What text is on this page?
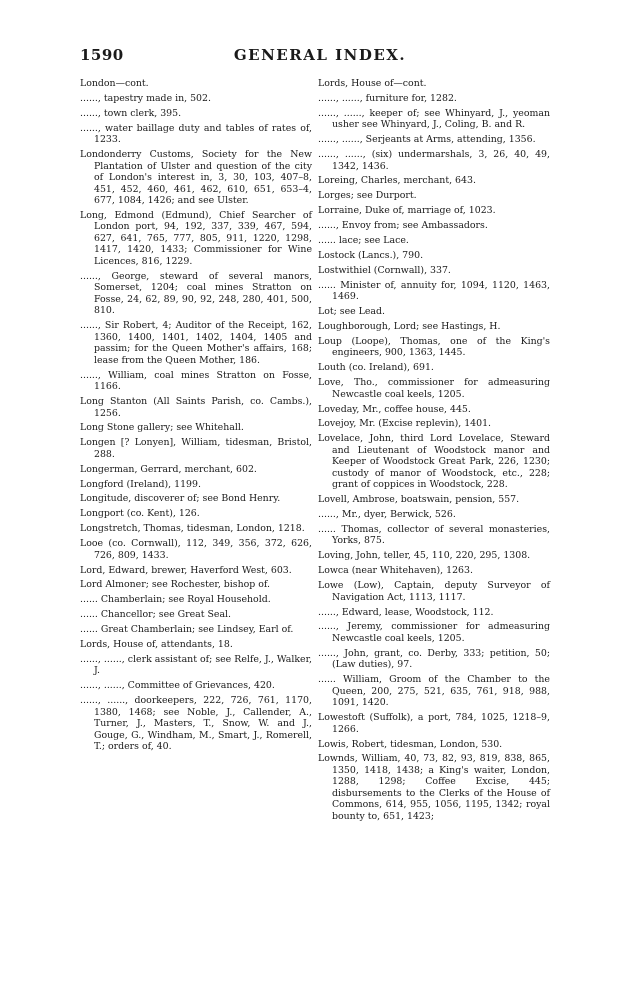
1590	GENERAL INDEX.
London—cont.
......, tapestry made in, 502.
......, town clerk, 395.
......, water baillage duty and tables of rates of, 1233.
Londonderry Customs, Society for the New Plantation of Ulster and question of the city of London's interest in, 3, 30, 103, 407–8, 451, 452, 460, 461, 462, 610, 651, 653–4, 677, 1084, 1426; and see Ulster.
Long, Edmond (Edmund), Chief Searcher of London port, 94, 192, 337, 339, 467, 594, 627, 641, 765, 777, 805, 911, 1220, 1298, 1417, 1420, 1433; Commissioner for Wine Licences, 816, 1229.
......, George, steward of several manors, Somerset, 1204; coal mines Stratton on Fosse, 24, 62, 89, 90, 92, 248, 280, 401, 500, 810.
......, Sir Robert, 4; Auditor of the Receipt, 162, 1360, 1400, 1401, 1402, 1404, 1405 and passim; for the Queen Mother's affairs, 168; lease from the Queen Mother, 186.
......, William, coal mines Stratton on Fosse, 1166.
Long Stanton (All Saints Parish, co. Cambs.), 1256.
Long Stone gallery; see Whitehall.
Longen [? Lonyen], William, tidesman, Bristol, 288.
Longerman, Gerrard, merchant, 602.
Longford (Ireland), 1199.
Longitude, discoverer of; see Bond Henry.
Longport (co. Kent), 126.
Longstretch, Thomas, tidesman, London, 1218.
Looe (co. Cornwall), 112, 349, 356, 372, 626, 726, 809, 1433.
Lord, Edward, brewer, Haverford West, 603.
Lord Almoner; see Rochester, bishop of.
...... Chamberlain; see Royal Household.
...... Chancellor; see Great Seal.
...... Great Chamberlain; see Lindsey, Earl of.
Lords, House of, attendants, 18.
......, ......, clerk assistant of; see Relfe, J., Walker, J.
......, ......, Committee of Grievances, 420.
......, ......, doorkeepers, 222, 726, 761, 1170, 1380, 1468; see Noble, J., Callender, A., Turner, J., Masters, T., Snow, W. and J., Gouge, G., Windham, M., Smart, J., Romerell, T.; orders of, 40.
Lords, House of—cont.
......, ......, furniture for, 1282.
......, ......, keeper of; see Whinyard, J., yeoman usher see Whinyard, J., Coling, B. and R.
......, ......, Serjeants at Arms, attending, 1356.
......, ......, (six) undermarshals, 3, 26, 40, 49, 1342, 1436.
Loreing, Charles, merchant, 643.
Lorges; see Durport.
Lorraine, Duke of, marriage of, 1023.
......, Envoy from; see Ambassadors.
...... lace; see Lace.
Lostock (Lancs.), 790.
Lostwithiel (Cornwall), 337.
...... Minister of, annuity for, 1094, 1120, 1463, 1469.
Lot; see Lead.
Loughborough, Lord; see Hastings, H.
Loup (Loope), Thomas, one of the King's engineers, 900, 1363, 1445.
Louth (co. Ireland), 691.
Love, Tho., commissioner for admeasuring Newcastle coal keels, 1205.
Loveday, Mr., coffee house, 445.
Lovejoy, Mr. (Excise replevin), 1401.
Lovelace, John, third Lord Lovelace, Steward and Lieutenant of Woodstock manor and Keeper of Woodstock Great Park, 226, 1230; custody of manor of Woodstock, etc., 228; grant of coppices in Woodstock, 228.
Lovell, Ambrose, boatswain, pension, 557.
......, Mr., dyer, Berwick, 526.
...... Thomas, collector of several monasteries, Yorks, 875.
Loving, John, teller, 45, 110, 220, 295, 1308.
Lowca (near Whitehaven), 1263.
Lowe (Low), Captain, deputy Surveyor of Navigation Act, 1113, 1117.
......, Edward, lease, Woodstock, 112.
......, Jeremy, commissioner for admeasuring Newcastle coal keels, 1205.
......, John, grant, co. Derby, 333; petition, 50; (Law duties), 97.
...... William, Groom of the Chamber to the Queen, 200, 275, 521, 635, 761, 918, 988, 1091, 1420.
Lowestoft (Suffolk), a port, 784, 1025, 1218–9, 1266.
Lowis, Robert, tidesman, London, 530.
Lownds, William, 40, 73, 82, 93, 819, 838, 865, 1350, 1418, 1438; a King's waiter, London, 1288, 1298; Coffee Excise, 445; disbursements to the Clerks of the House of Commons, 614, 955, 1056, 1195, 1342; royal bounty to, 651, 1423;
